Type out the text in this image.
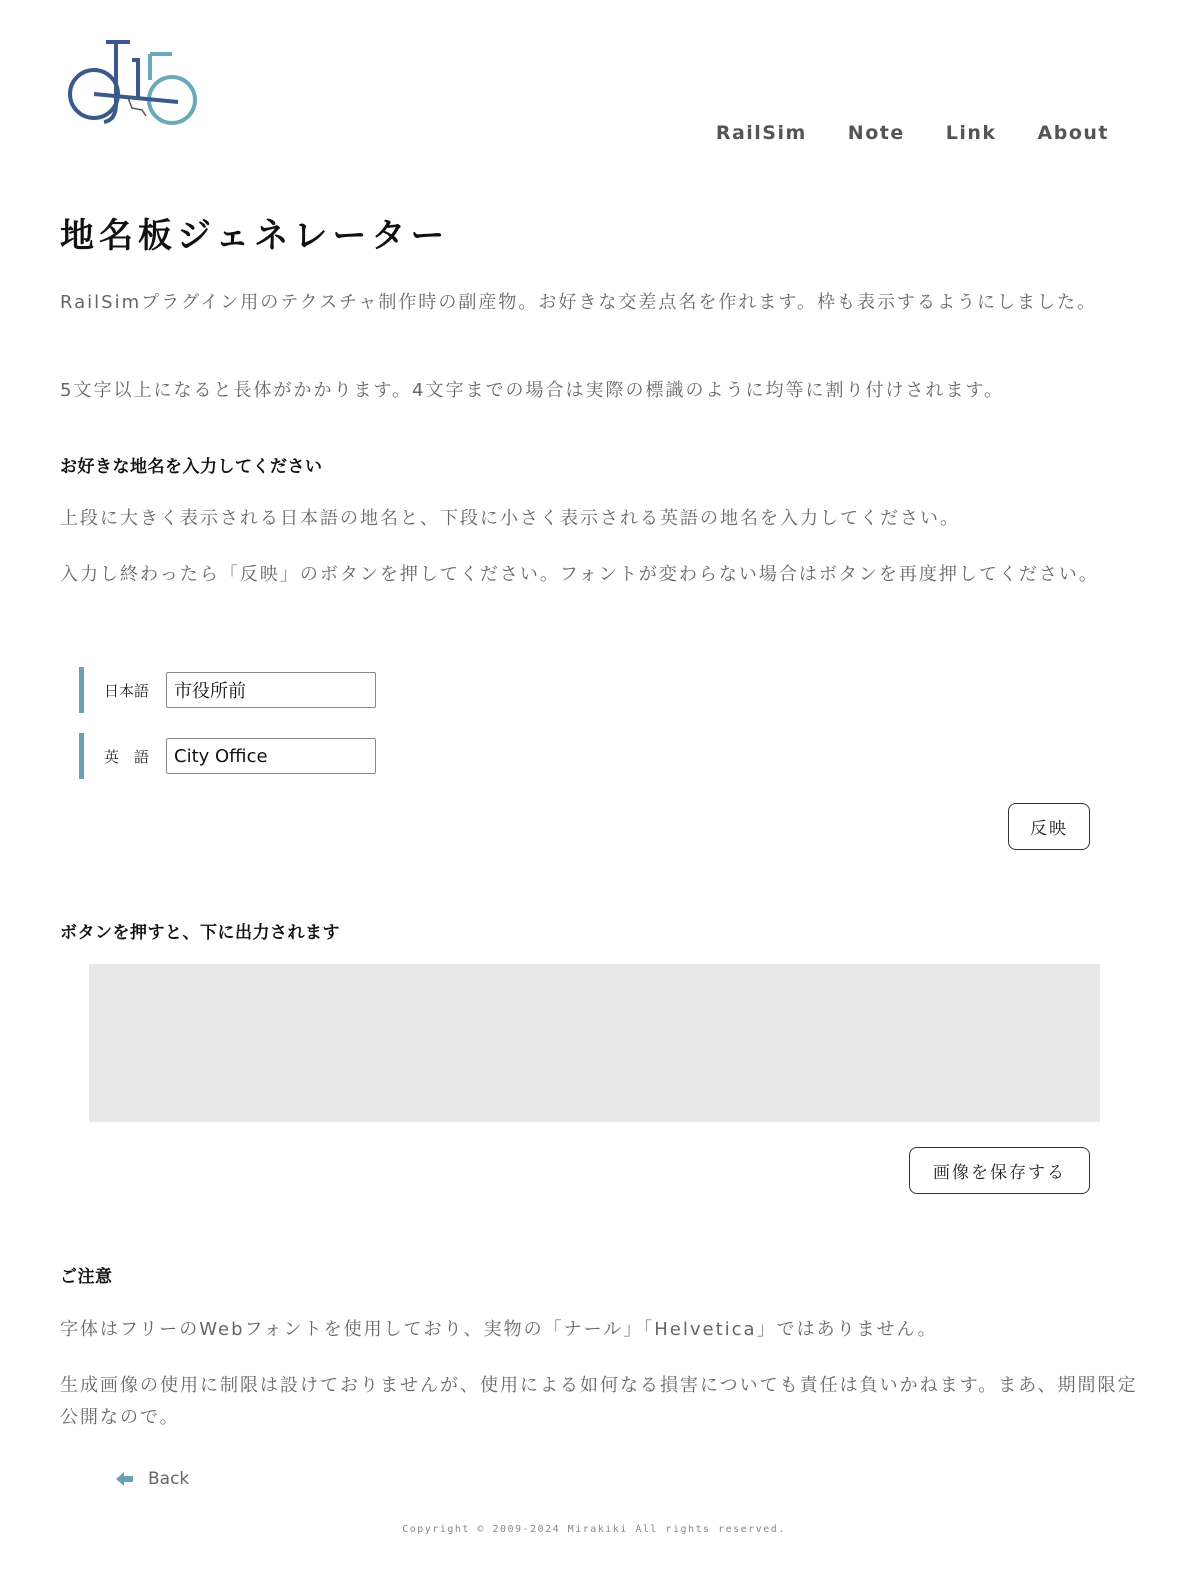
RailSim Note Link About
地名板ジェネレーター

RailSimプラグイン用のテクスチャ制作時の副産物。お好きな交差点名を作れます。枠も表示するようにしました。

5文字以上になると長体がかかります。4文字までの場合は実際の標識のように均等に割り付けされます。

お好きな地名を入力してください

上段に大きく表示される日本語の地名と、下段に小さく表示される英語の地名を入力してください。

入力し終わったら「反映」のボタンを押してください。フォントが変わらない場合はボタンを再度押してください。

日本語
市役所前
英　語
City Office
反映
ボタンを押すと、下に出力されます
画像を保存する
ご注意

字体はフリーのWebフォントを使用しており、実物の「ナール」「Helvetica」ではありません。

生成画像の使用に制限は設けておりませんが、使用による如何なる損害についても責任は負いかねます。まあ、期間限定公開なので。

Back
Copyright © 2009-2024 Mirakiki All rights reserved.
